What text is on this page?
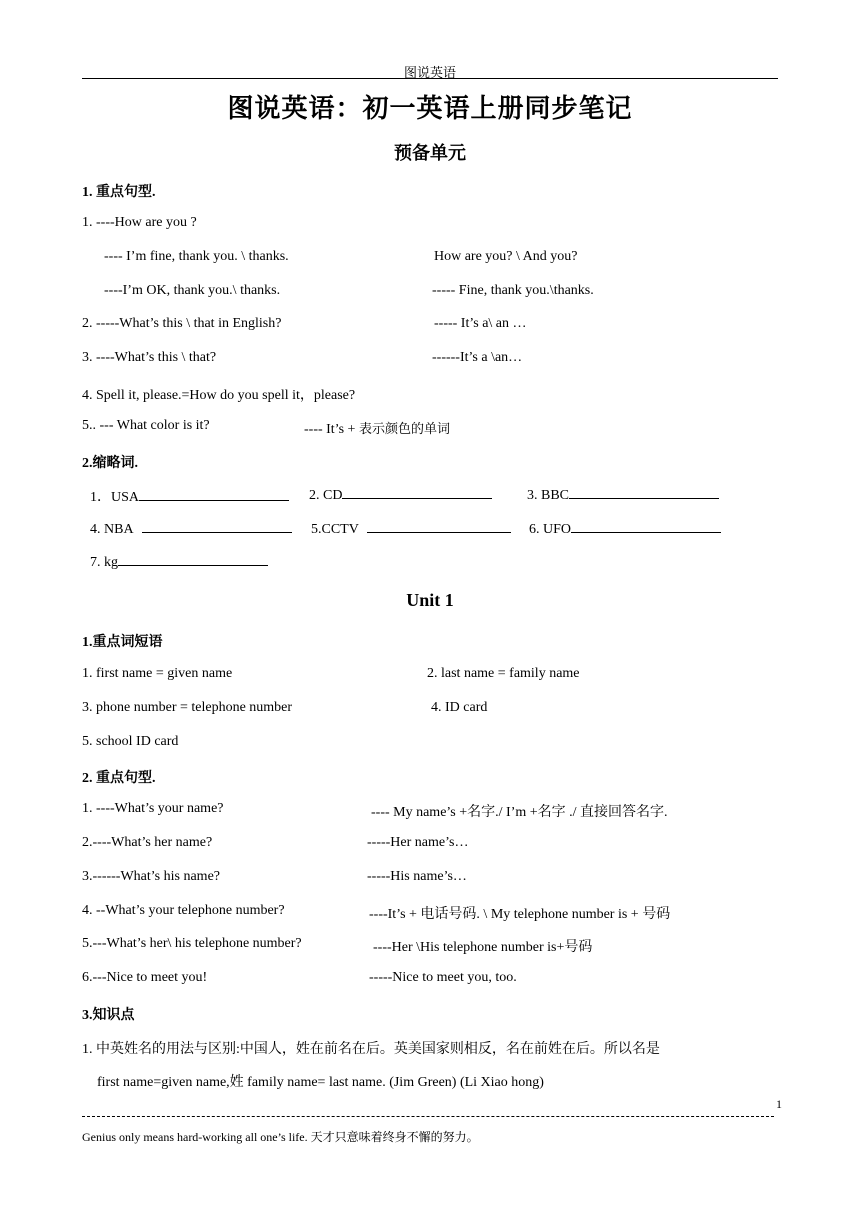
图说英语
图说英语：初一英语上册同步笔记
预备单元
1. 重点句型.
1. ----How are you ?
---- I’m fine, thank you. \ thanks.	How are you? \ And you?
----I’m OK, thank you.\ thanks.	----- Fine, thank you.\thanks.
2. -----What’s this \ that in English?	----- It’s a\ an …
3. ----What’s this \ that?	------It’s a \an…
4. Spell it, please.=How do you spell it，please?
5.. --- What color is it?	---- It’s + 表示颜色的单词
2.缩略词.
1．USA	2. CD	3. BBC
4. NBA	5.CCTV	6. UFO
7. kg
Unit 1
1.重点词短语
1. first name = given name	2. last name = family name
3. phone number = telephone number	4. ID card
5. school ID card
2. 重点句型.
1. ----What’s your name?	---- My name’s +名字./ I’m +名字 ./ 直接回答名字.
2.----What’s her name?	-----Her name’s…
3.------What’s his name?	-----His name’s…
4. --What’s your telephone number?	----It’s + 电话号码. \ My telephone number is + 号码
5.---What’s her\ his telephone number?	----Her \His telephone number is+号码
6.---Nice to meet you!	-----Nice to meet you, too.
3.知识点
1. 中英姓名的用法与区别:中国人，姓在前名在后。英美国家则相反，名在前姓在后。所以名是
first name=given name,姓 family name= last name. (Jim Green) (Li Xiao hong)
1
Genius only means hard-working all one’s life. 天才只意味着终身不懈的努力。
